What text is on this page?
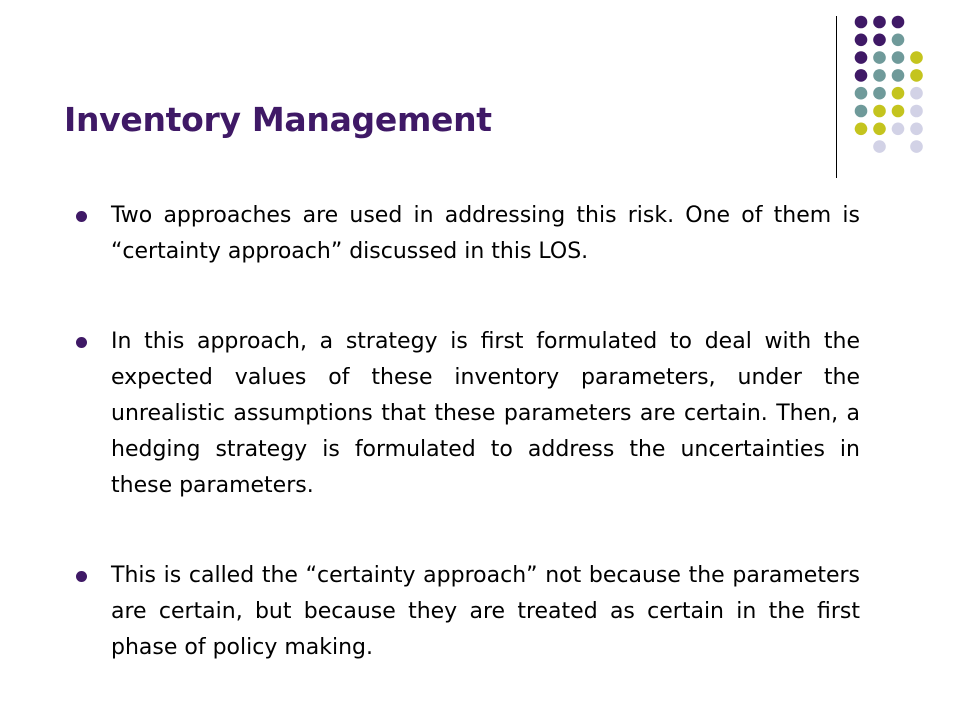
Inventory Management
Two approaches are used in addressing this risk. One of them is “certainty approach” discussed in this LOS.
In this approach, a strategy is first formulated to deal with the expected values of these inventory parameters, under the unrealistic assumptions that these parameters are certain. Then, a hedging strategy is formulated to address the uncertainties in these parameters.
This is called the “certainty approach” not because the parameters are certain, but because they are treated as certain in the first phase of policy making.
